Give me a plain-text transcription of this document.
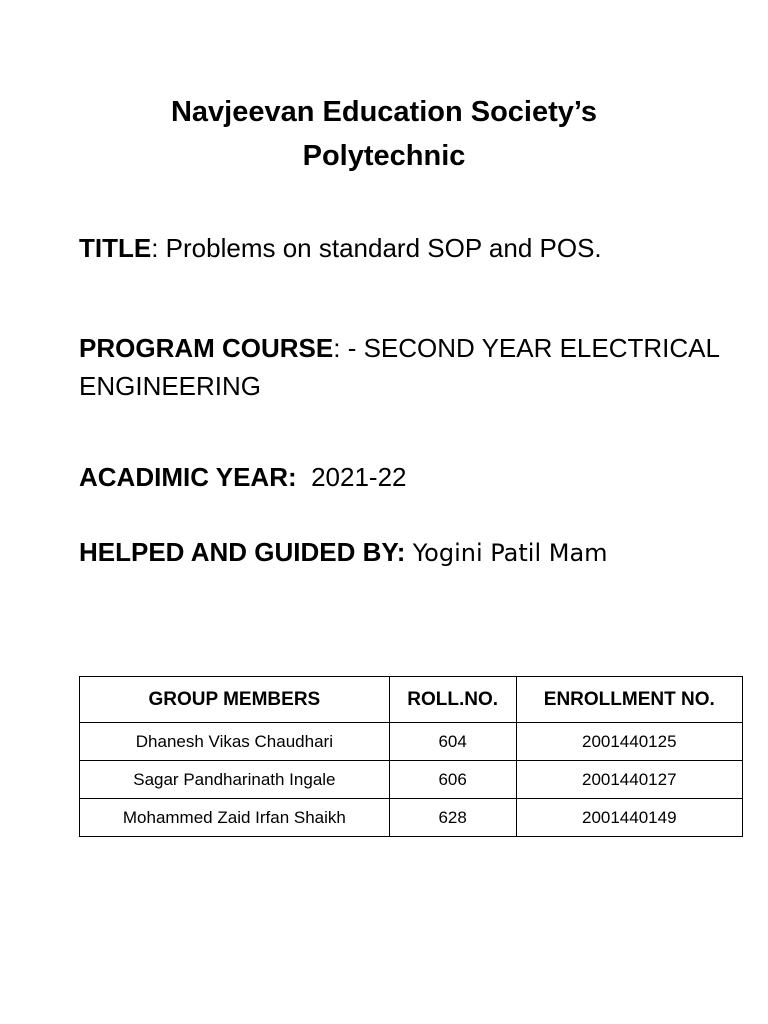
Navjeevan Education Society’s
Polytechnic
TITLE: Problems on standard SOP and POS.
PROGRAM COURSE: - SECOND YEAR ELECTRICAL ENGINEERING
ACADIMIC YEAR: 2021-22
HELPED AND GUIDED BY: Yogini Patil Mam
GROUP MEMBERS	ROLL.NO.	ENROLLMENT NO.
Dhanesh Vikas Chaudhari	604	2001440125
Sagar Pandharinath Ingale	606	2001440127
Mohammed Zaid Irfan Shaikh	628	2001440149
